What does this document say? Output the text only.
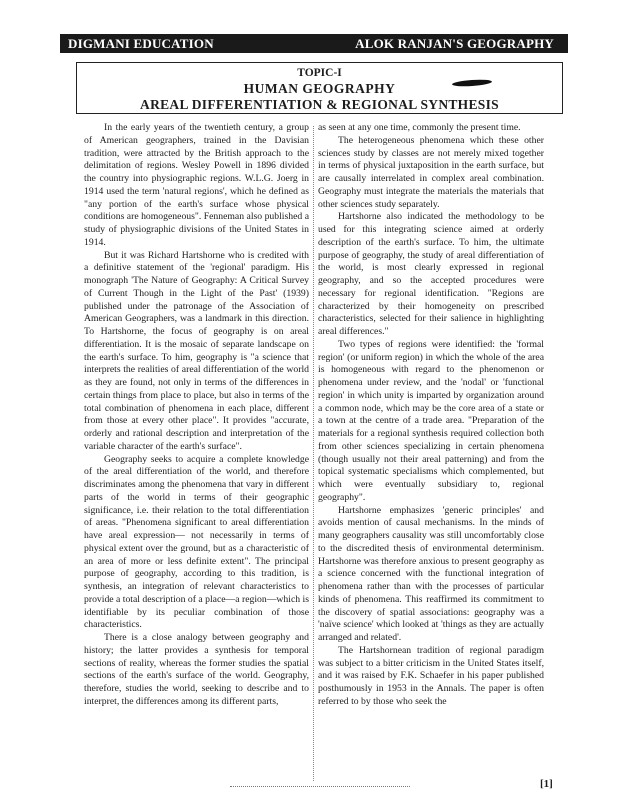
DIGMANI EDUCATION	ALOK RANJAN'S GEOGRAPHY
TOPIC-I
HUMAN GEOGRAPHY
AREAL DIFFERENTIATION & REGIONAL SYNTHESIS

In the early years of the twentieth century, a group of American geographers, trained in the Davisian tradition, were attracted by the British approach to the delimitation of regions. Wesley Powell in 1896 divided the country into physiographic regions. W.L.G. Joerg in 1914 used the term 'natural regions', which he defined as "any portion of the earth's surface whose physical conditions are homogeneous". Fenneman also published a study of physiographic divisions of the United States in 1914.

But it was Richard Hartshorne who is credited with a definitive statement of the 'regional' paradigm. His monograph 'The Nature of Geography: A Critical Survey of Current Though in the Light of the Past' (1939) published under the patronage of the Association of American Geographers, was a landmark in this direction. To Hartshorne, the focus of geography is on areal differentiation. It is the mosaic of separate landscape on the earth's surface. To him, geography is "a science that interprets the realities of areal differentiation of the world as they are found, not only in terms of the differences in certain things from place to place, but also in terms of the total combination of phenomena in each place, different from those at every other place". It provides "accurate, orderly and rational description and interpretation of the variable character of the earth's surface".

Geography seeks to acquire a complete knowledge of the areal differentiation of the world, and therefore discriminates among the phenomena that vary in different parts of the world in terms of their geographic significance, i.e. their relation to the total differentiation of areas. "Phenomena significant to areal differentiation have areal expression— not necessarily in terms of physical extent over the ground, but as a characteristic of an area of more or less definite extent". The principal purpose of geography, according to this tradition, is synthesis, an integration of relevant characteristics to provide a total description of a place—a region—which is identifiable by its peculiar combination of those characteristics.

There is a close analogy between geography and history; the latter provides a synthesis for temporal sections of reality, whereas the former studies the spatial sections of the earth's surface of the world. Geography, therefore, studies the world, seeking to describe and to interpret, the differences among its different parts,

as seen at any one time, commonly the present time.

The heterogeneous phenomena which these other sciences study by classes are not merely mixed together in terms of physical juxtaposition in the earth surface, but are causally interrelated in complex areal combination. Geography must integrate the materials the materials that other sciences study separately.

Hartshorne also indicated the methodology to be used for this integrating science aimed at orderly description of the earth's surface. To him, the ultimate purpose of geography, the study of areal differentiation of the world, is most clearly expressed in regional geography, and so the accepted procedures were necessary for regional identification. "Regions are characterized by their homogeneity on prescribed characteristics, selected for their salience in highlighting areal differences."

Two types of regions were identified: the 'formal region' (or uniform region) in which the whole of the area is homogeneous with regard to the phenomenon or phenomena under review, and the 'nodal' or 'functional region' in which unity is imparted by organization around a common node, which may be the core area of a state or a town at the centre of a trade area. "Preparation of the materials for a regional synthesis required collection both from other sciences specializing in certain phenomena (though usually not their areal patterning) and from the topical systematic specialisms which complemented, but which were eventually subsidiary to, regional geography".

Hartshorne emphasizes 'generic principles' and avoids mention of causal mechanisms. In the minds of many geographers causality was still uncomfortably close to the discredited thesis of environmental determinism. Hartshorne was therefore anxious to present geography as a science concerned with the functional integration of phenomena rather than with the processes of particular kinds of phenomena. This reaffirmed its commitment to the discovery of spatial associations: geography was a 'naïve science' which looked at 'things as they are actually arranged and related'.

The Hartshornean tradition of regional paradigm was subject to a bitter criticism in the United States itself, and it was raised by F.K. Schaefer in his paper published posthumously in 1953 in the Annals. The paper is often referred to by those who seek the

[1]
